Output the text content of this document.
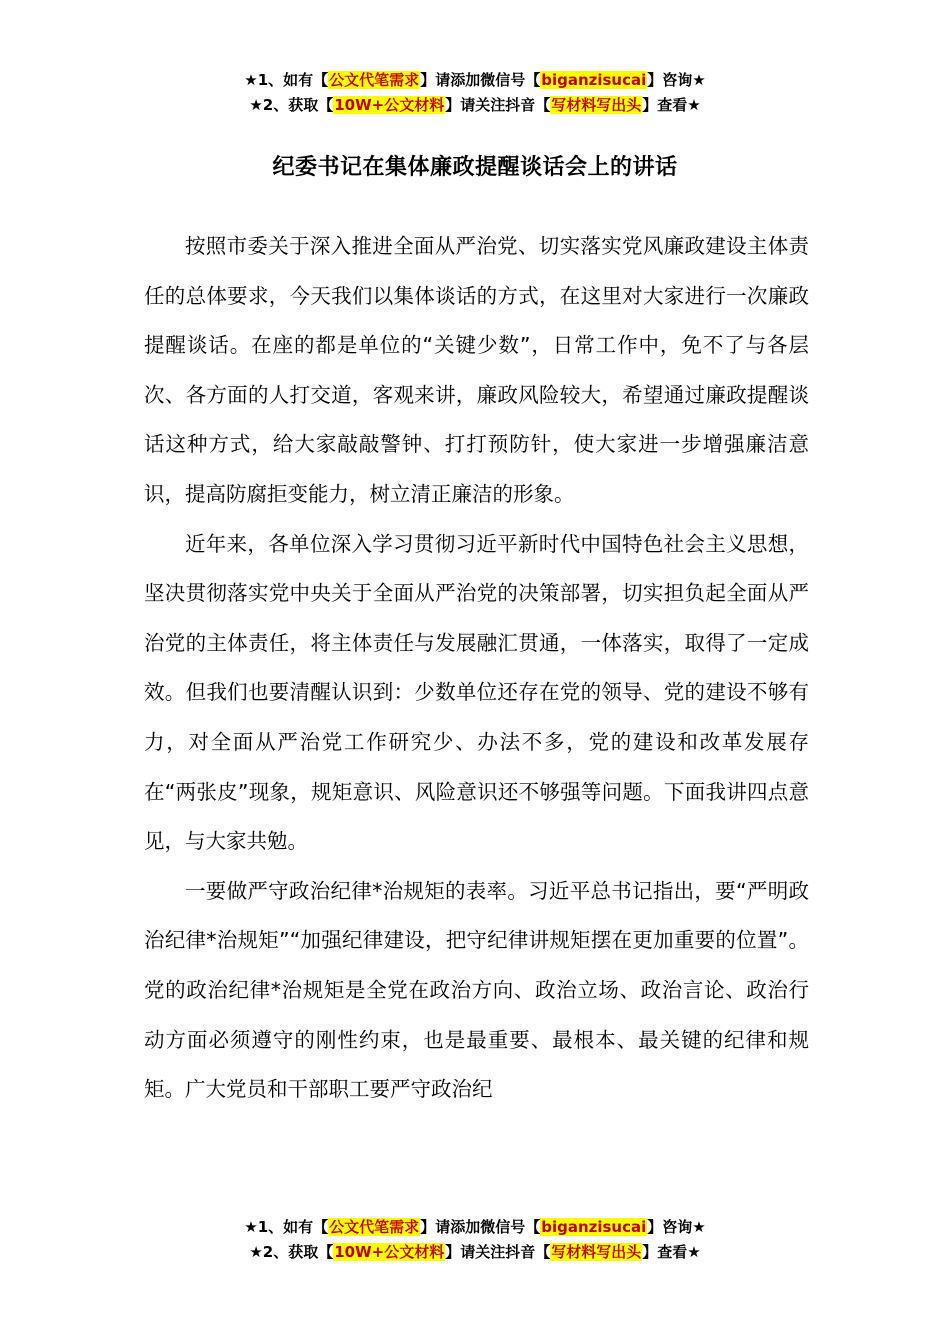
★1、如有【公文代笔需求】请添加微信号【biganzisucai】咨询★
★2、获取【10W+公文材料】请关注抖音【写材料写出头】查看★
纪委书记在集体廉政提醒谈话会上的讲话

按照市委关于深入推进全面从严治党、切实落实党风廉政建设主体责任的总体要求，今天我们以集体谈话的方式，在这里对大家进行一次廉政提醒谈话。在座的都是单位的“关键少数”，日常工作中，免不了与各层次、各方面的人打交道，客观来讲，廉政风险较大，希望通过廉政提醒谈话这种方式，给大家敲敲警钟、打打预防针，使大家进一步增强廉洁意识，提高防腐拒变能力，树立清正廉洁的形象。

近年来，各单位深入学习贯彻习近平新时代中国特色社会主义思想，坚决贯彻落实党中央关于全面从严治党的决策部署，切实担负起全面从严治党的主体责任，将主体责任与发展融汇贯通，一体落实，取得了一定成效。但我们也要清醒认识到：少数单位还存在党的领导、党的建设不够有力，对全面从严治党工作研究少、办法不多，党的建设和改革发展存在“两张皮”现象，规矩意识、风险意识还不够强等问题。下面我讲四点意见，与大家共勉。

一要做严守政治纪律*治规矩的表率。习近平总书记指出，要“严明政治纪律*治规矩”“加强纪律建设，把守纪律讲规矩摆在更加重要的位置”。党的政治纪律*治规矩是全党在政治方向、政治立场、政治言论、政治行动方面必须遵守的刚性约束，也是最重要、最根本、最关键的纪律和规矩。广大党员和干部职工要严守政治纪

★1、如有【公文代笔需求】请添加微信号【biganzisucai】咨询★
★2、获取【10W+公文材料】请关注抖音【写材料写出头】查看★
